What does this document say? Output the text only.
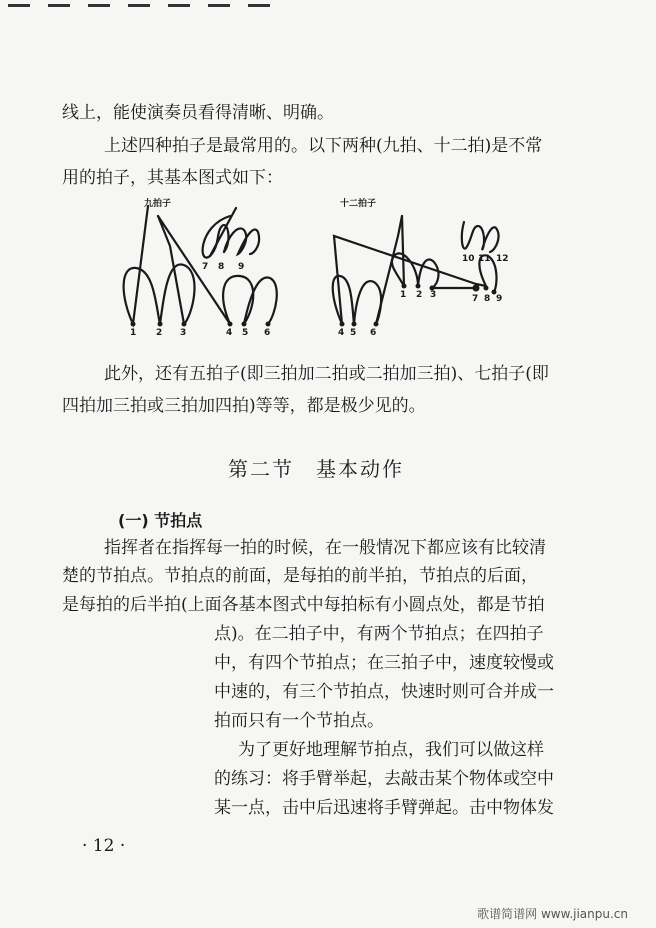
线上，能使演奏员看得清晰、明确。
上述四种拍子是最常用的。以下两种(九拍、十二拍)是不常
用的拍子，其基本图式如下：
九拍子
1 2 3	4 5 6
7 8 9
十二拍子
1 2 3
4 5 6
7 8 9
10 11 12
此外，还有五拍子(即三拍加二拍或二拍加三拍)、七拍子(即
四拍加三拍或三拍加四拍)等等，都是极少见的。
第二节　基本动作
(一) 节拍点
指挥者在指挥每一拍的时候，在一般情况下都应该有比较清
楚的节拍点。节拍点的前面，是每拍的前半拍，节拍点的后面，
是每拍的后半拍(上面各基本图式中每拍标有小圆点处，都是节拍
点)。在二拍子中，有两个节拍点；在四拍子
中，有四个节拍点；在三拍子中，速度较慢或
中速的，有三个节拍点，快速时则可合并成一
拍而只有一个节拍点。
为了更好地理解节拍点，我们可以做这样
的练习：将手臂举起，去敲击某个物体或空中
某一点，击中后迅速将手臂弹起。击中物体发
· 12 ·
歌谱简谱网 www.jianpu.cn
